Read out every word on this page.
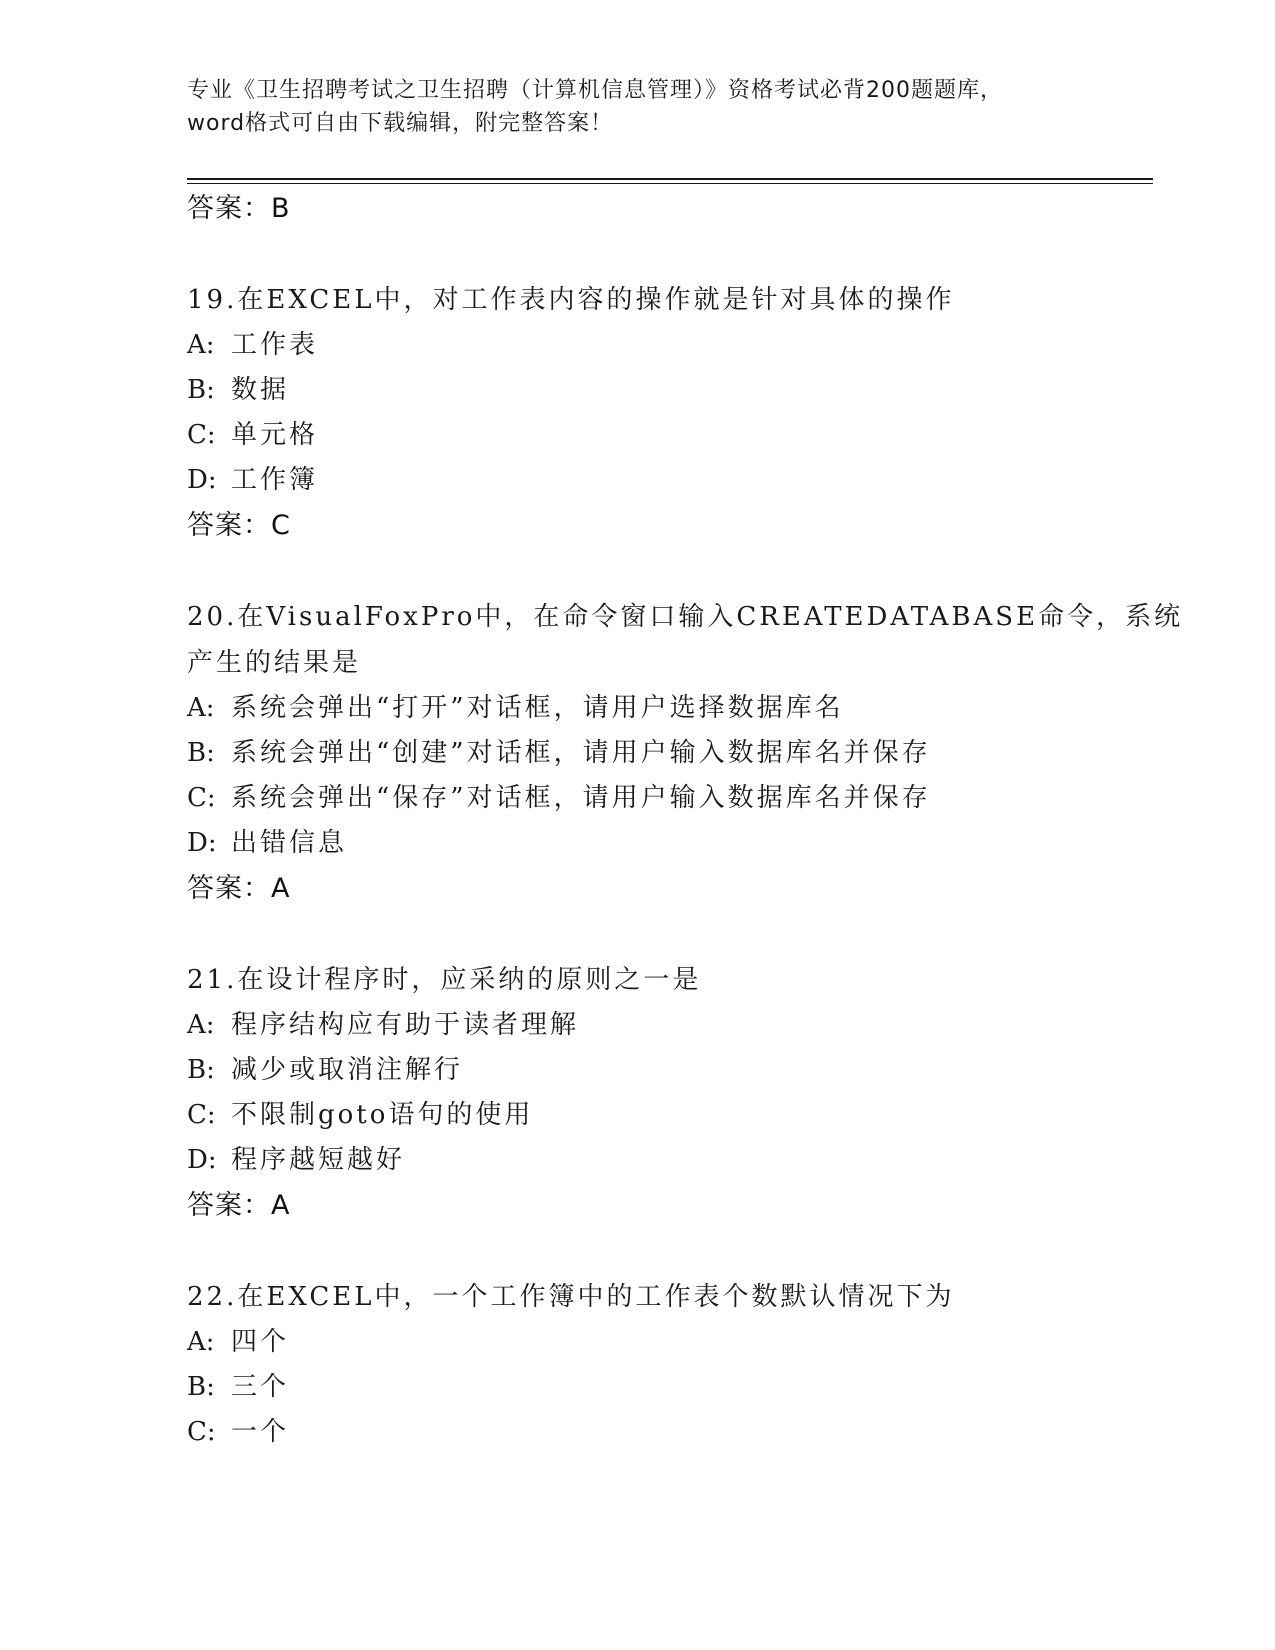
专业《卫生招聘考试之卫生招聘（计算机信息管理）》资格考试必背200题题库，
word格式可自由下载编辑，附完整答案！
答案：B
19.在EXCEL中，对工作表内容的操作就是针对具体的操作
A: 工作表
B: 数据
C: 单元格
D: 工作簿
答案：C
20.在VisualFoxPro中，在命令窗口输入CREATEDATABASE命令，系统
产生的结果是
A: 系统会弹出“打开”对话框，请用户选择数据库名
B: 系统会弹出“创建”对话框，请用户输入数据库名并保存
C: 系统会弹出“保存”对话框，请用户输入数据库名并保存
D: 出错信息
答案：A
21.在设计程序时，应采纳的原则之一是
A: 程序结构应有助于读者理解
B: 减少或取消注解行
C: 不限制goto语句的使用
D: 程序越短越好
答案：A
22.在EXCEL中，一个工作簿中的工作表个数默认情况下为
A: 四个
B: 三个
C: 一个
